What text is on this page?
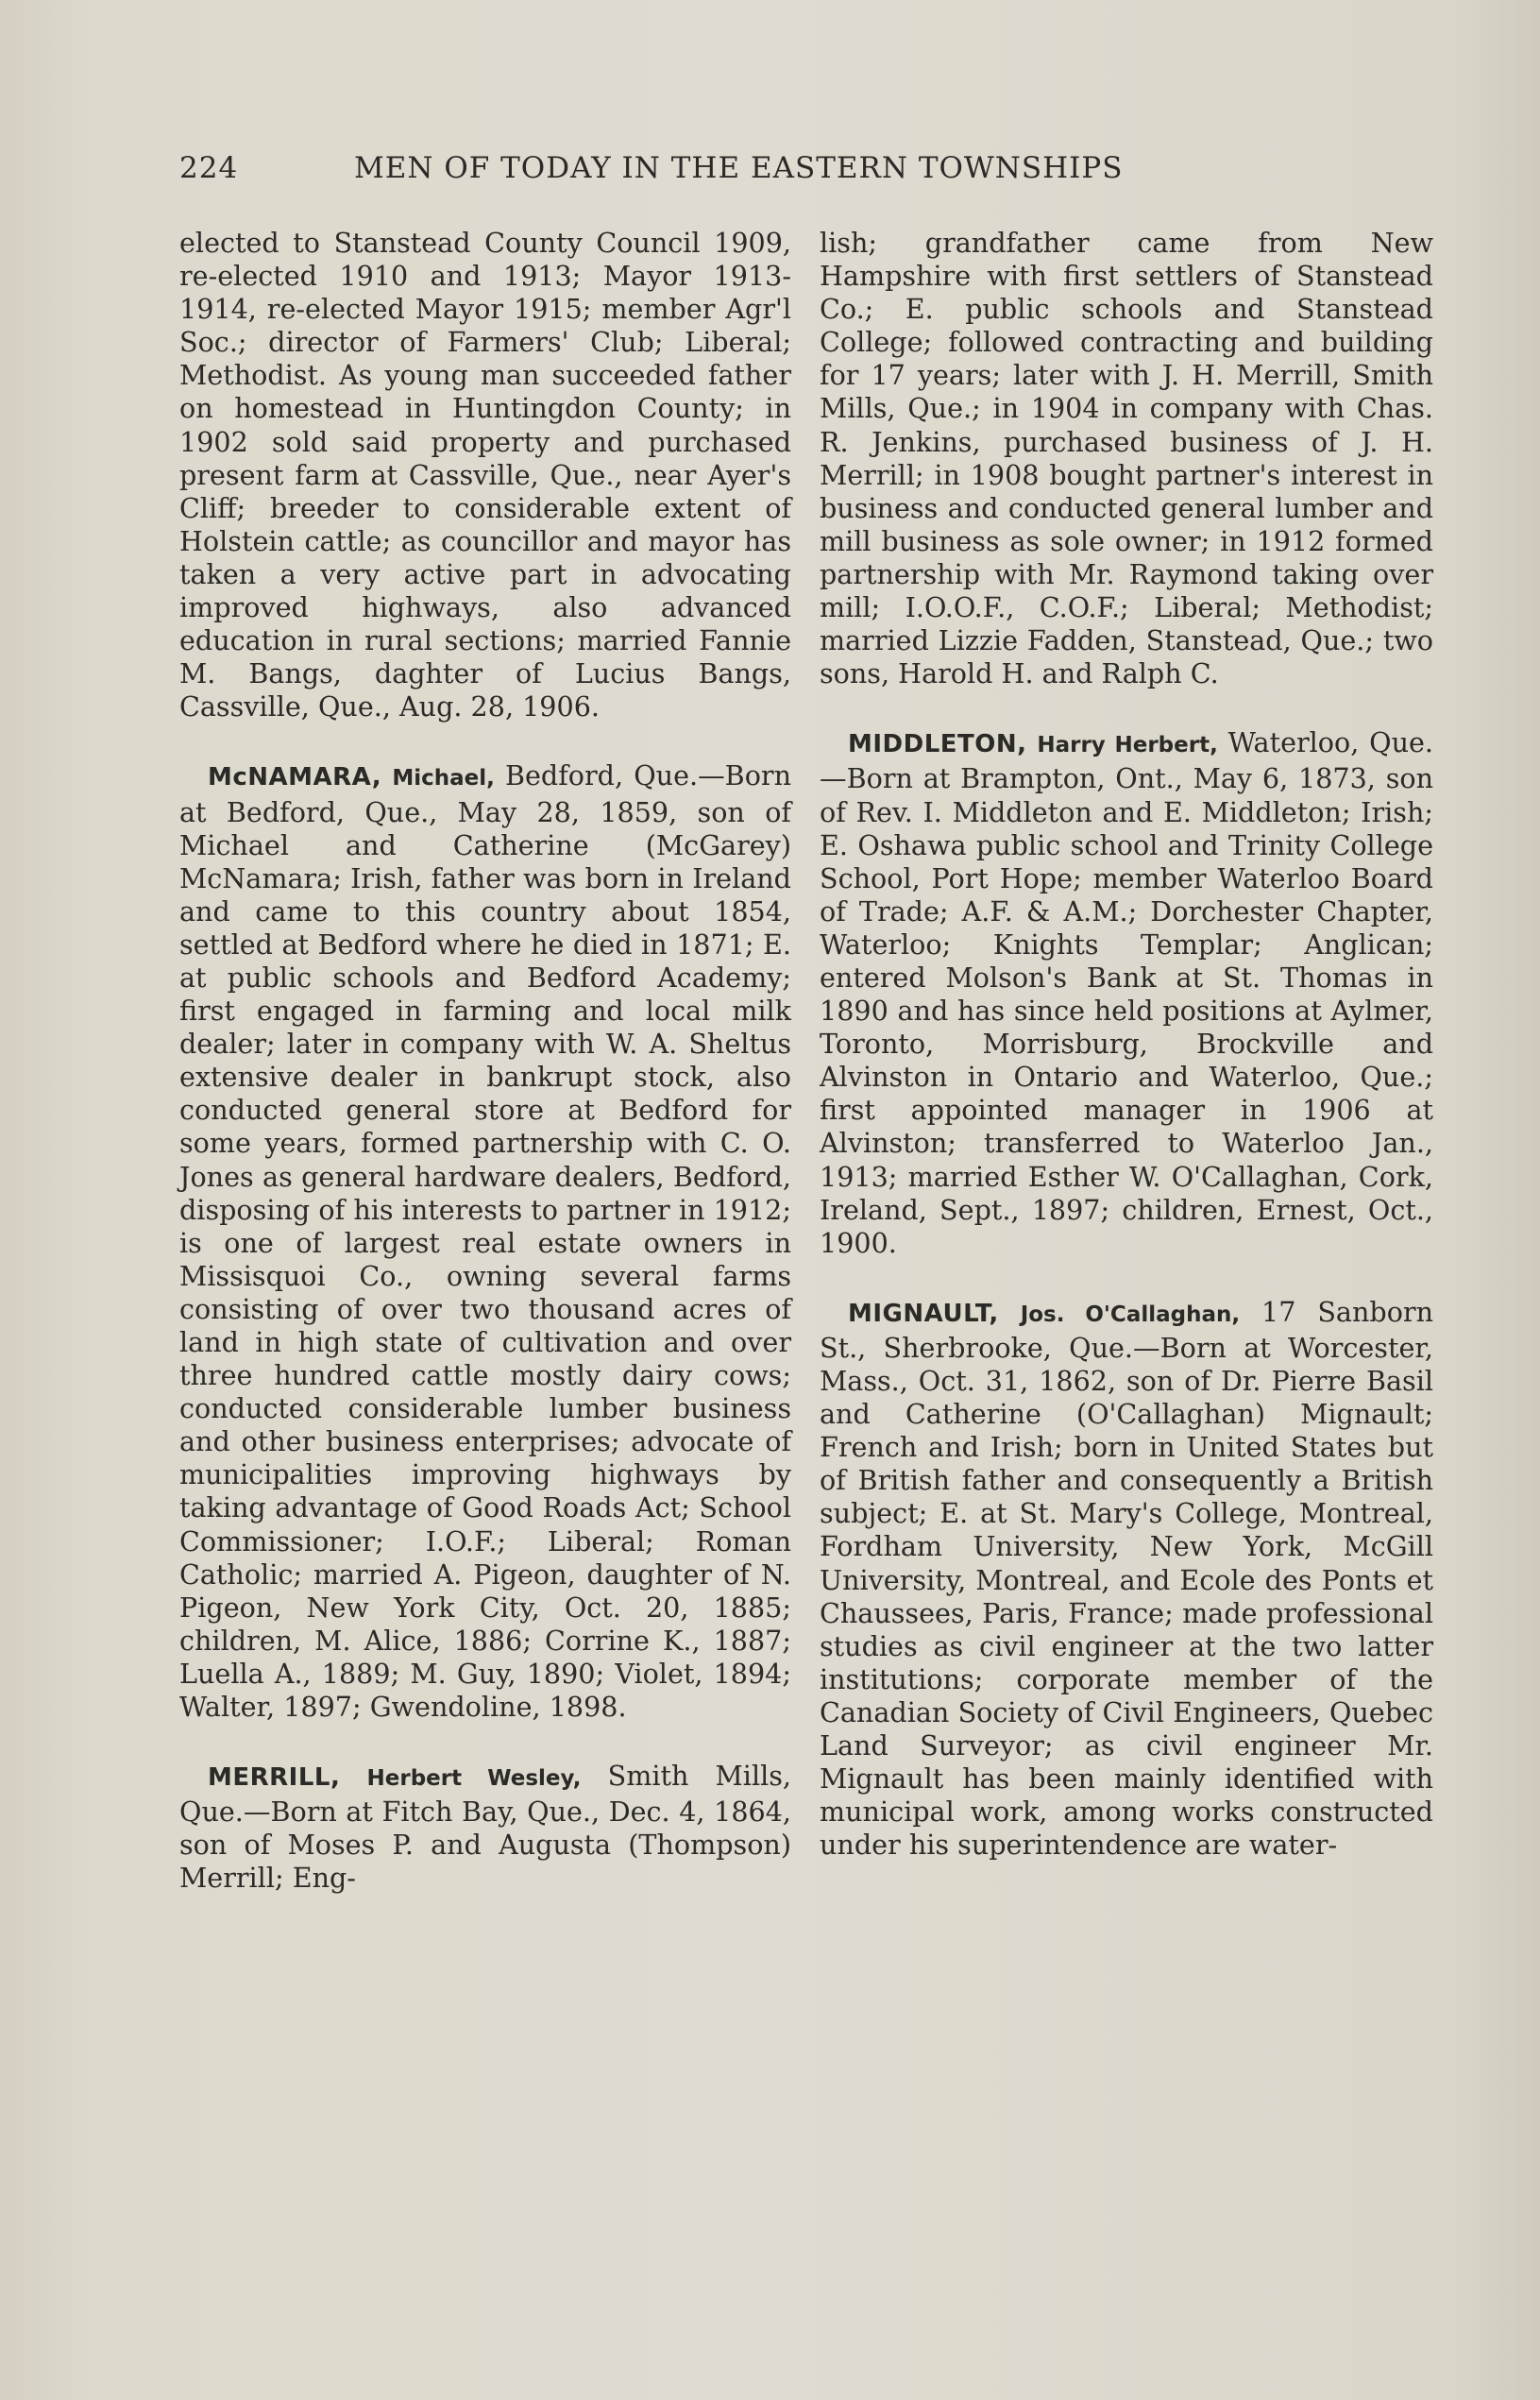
224	MEN OF TODAY IN THE EASTERN TOWNSHIPS

elected to Stanstead County Council 1909, re-elected 1910 and 1913; Mayor 1913-1914, re-elected Mayor 1915; member Agr'l Soc.; director of Farmers' Club; Liberal; Methodist. As young man succeeded father on homestead in Huntingdon County; in 1902 sold said property and purchased present farm at Cassville, Que., near Ayer's Cliff; breeder to considerable extent of Holstein cattle; as councillor and mayor has taken a very active part in advocating improved highways, also advanced education in rural sections; married Fannie M. Bangs, daghter of Lucius Bangs, Cassville, Que., Aug. 28, 1906.

McNAMARA, Michael, Bedford, Que.—Born at Bedford, Que., May 28, 1859, son of Michael and Catherine (McGarey) McNamara; Irish, father was born in Ireland and came to this country about 1854, settled at Bedford where he died in 1871; E. at public schools and Bedford Academy; first engaged in farming and local milk dealer; later in company with W. A. Sheltus extensive dealer in bankrupt stock, also conducted general store at Bedford for some years, formed partnership with C. O. Jones as general hardware dealers, Bedford, disposing of his interests to partner in 1912; is one of largest real estate owners in Missisquoi Co., owning several farms consisting of over two thousand acres of land in high state of cultivation and over three hundred cattle mostly dairy cows; conducted considerable lumber business and other business enterprises; advocate of municipalities improving highways by taking advantage of Good Roads Act; School Commissioner; I.O.F.; Liberal; Roman Catholic; married A. Pigeon, daughter of N. Pigeon, New York City, Oct. 20, 1885; children, M. Alice, 1886; Corrine K., 1887; Luella A., 1889; M. Guy, 1890; Violet, 1894; Walter, 1897; Gwendoline, 1898.

MERRILL, Herbert Wesley, Smith Mills, Que.—Born at Fitch Bay, Que., Dec. 4, 1864, son of Moses P. and Augusta (Thompson) Merrill; Eng-

lish; grandfather came from New Hampshire with first settlers of Stanstead Co.; E. public schools and Stanstead College; followed contracting and building for 17 years; later with J. H. Merrill, Smith Mills, Que.; in 1904 in company with Chas. R. Jenkins, purchased business of J. H. Merrill; in 1908 bought partner's interest in business and conducted general lumber and mill business as sole owner; in 1912 formed partnership with Mr. Raymond taking over mill; I.O.O.F., C.O.F.; Liberal; Methodist; married Lizzie Fadden, Stanstead, Que.; two sons, Harold H. and Ralph C.

MIDDLETON, Harry Herbert, Waterloo, Que.—Born at Brampton, Ont., May 6, 1873, son of Rev. I. Middleton and E. Middleton; Irish; E. Oshawa public school and Trinity College School, Port Hope; member Waterloo Board of Trade; A.F. & A.M.; Dorchester Chapter, Waterloo; Knights Templar; Anglican; entered Molson's Bank at St. Thomas in 1890 and has since held positions at Aylmer, Toronto, Morrisburg, Brockville and Alvinston in Ontario and Waterloo, Que.; first appointed manager in 1906 at Alvinston; transferred to Waterloo Jan., 1913; married Esther W. O'Callaghan, Cork, Ireland, Sept., 1897; children, Ernest, Oct., 1900.

MIGNAULT, Jos. O'Callaghan, 17 Sanborn St., Sherbrooke, Que.—Born at Worcester, Mass., Oct. 31, 1862, son of Dr. Pierre Basil and Catherine (O'Callaghan) Mignault; French and Irish; born in United States but of British father and consequently a British subject; E. at St. Mary's College, Montreal, Fordham University, New York, McGill University, Montreal, and Ecole des Ponts et Chaussees, Paris, France; made professional studies as civil engineer at the two latter institutions; corporate member of the Canadian Society of Civil Engineers, Quebec Land Surveyor; as civil engineer Mr. Mignault has been mainly identified with municipal work, among works constructed under his superintendence are water-
